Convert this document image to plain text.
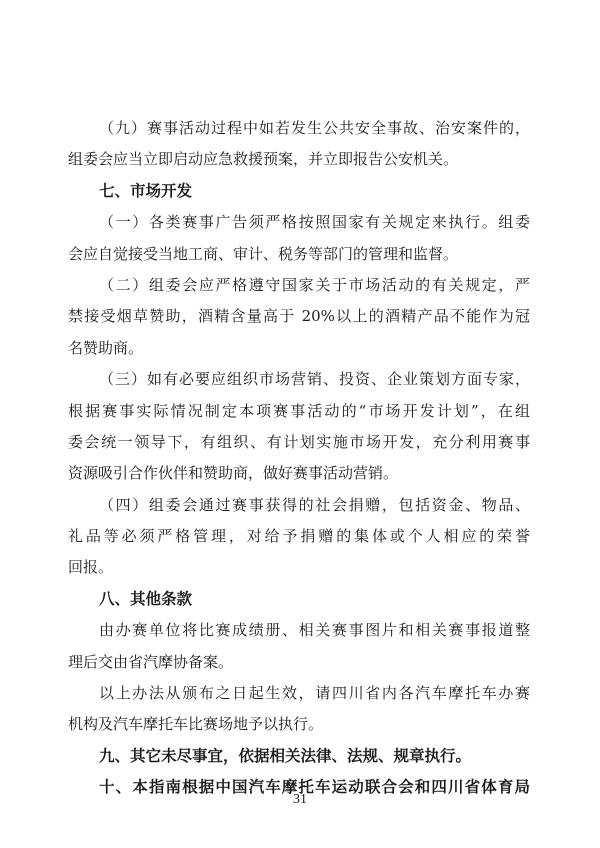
（九）赛事活动过程中如若发生公共安全事故、治安案件的，
组委会应当立即启动应急救援预案，并立即报告公安机关。
七、市场开发
（一）各类赛事广告须严格按照国家有关规定来执行。组委
会应自觉接受当地工商、审计、税务等部门的管理和监督。
（二）组委会应严格遵守国家关于市场活动的有关规定，严
禁接受烟草赞助，酒精含量高于 20%以上的酒精产品不能作为冠
名赞助商。
（三）如有必要应组织市场营销、投资、企业策划方面专家，
根据赛事实际情况制定本项赛事活动的“市场开发计划”，在组
委会统一领导下，有组织、有计划实施市场开发，充分利用赛事
资源吸引合作伙伴和赞助商，做好赛事活动营销。
（四）组委会通过赛事获得的社会捐赠，包括资金、物品、
礼品等必须严格管理，对给予捐赠的集体或个人相应的荣誉
回报。
八、其他条款
由办赛单位将比赛成绩册、相关赛事图片和相关赛事报道整
理后交由省汽摩协备案。
以上办法从颁布之日起生效，请四川省内各汽车摩托车办赛
机构及汽车摩托车比赛场地予以执行。
九、其它未尽事宜，依据相关法律、法规、规章执行。
十、本指南根据中国汽车摩托车运动联合会和四川省体育局
31
